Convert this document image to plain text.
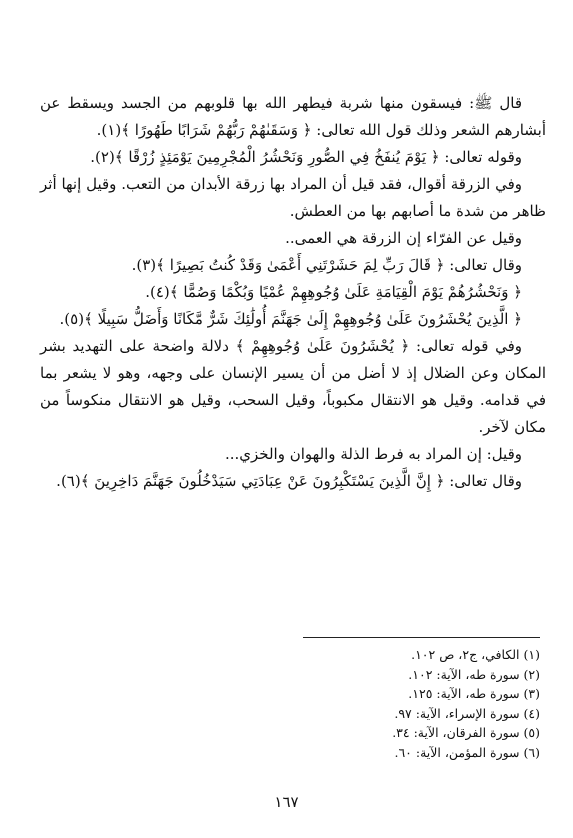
قال ﷺ: فيسقون منها شربة فيطهر الله بها قلوبهم من الجسد ويسقط عن أبشارهم الشعر وذلك قول الله تعالى: ﴿ وَسَقَىٰهُمْ رَبُّهُمْ شَرَابًا طَهُورًا ﴾(١).

وقوله تعالى: ﴿ يَوْمَ يُنفَخُ فِي الصُّورِ وَنَحْشُرُ الْمُجْرِمِينَ يَوْمَئِذٍ زُرْقًا ﴾(٢).

وفي الزرقة أقوال، فقد قيل أن المراد بها زرقة الأبدان من التعب. وقيل إنها أثر ظاهر من شدة ما أصابهم بها من العطش.

وقيل عن الفرّاء إن الزرقة هي العمى..

وقال تعالى: ﴿ قَالَ رَبِّ لِمَ حَشَرْتَنِي أَعْمَىٰ وَقَدْ كُنتُ بَصِيرًا ﴾(٣).

﴿ وَنَحْشُرُهُمْ يَوْمَ الْقِيَامَةِ عَلَىٰ وُجُوهِهِمْ عُمْيًا وَبُكْمًا وَصُمًّا ﴾(٤).

﴿ الَّذِينَ يُحْشَرُونَ عَلَىٰ وُجُوهِهِمْ إِلَىٰ جَهَنَّمَ أُولَٰئِكَ شَرٌّ مَّكَانًا وَأَضَلُّ سَبِيلًا ﴾(٥).

وفي قوله تعالى: ﴿ يُحْشَرُونَ عَلَىٰ وُجُوهِهِمْ ﴾ دلالة واضحة على التهديد بشر المكان وعن الضلال إذ لا أضل من أن يسير الإنسان على وجهه، وهو لا يشعر بما في قدامه. وقيل هو الانتقال مكبوباً، وقيل السحب، وقيل هو الانتقال منكوساً من مكان لآخر.

وقيل: إن المراد به فرط الذلة والهوان والخزي...

وقال تعالى: ﴿ إِنَّ الَّذِينَ يَسْتَكْبِرُونَ عَنْ عِبَادَتِي سَيَدْخُلُونَ جَهَنَّمَ دَاخِرِينَ ﴾(٦).

(١) الكافي، ج٢، ص ١٠٢.

(٢) سورة طه، الآية: ١٠٢.

(٣) سورة طه، الآية: ١٢٥.

(٤) سورة الإسراء، الآية: ٩٧.

(٥) سورة الفرقان، الآية: ٣٤.

(٦) سورة المؤمن، الآية: ٦٠.

١٦٧
